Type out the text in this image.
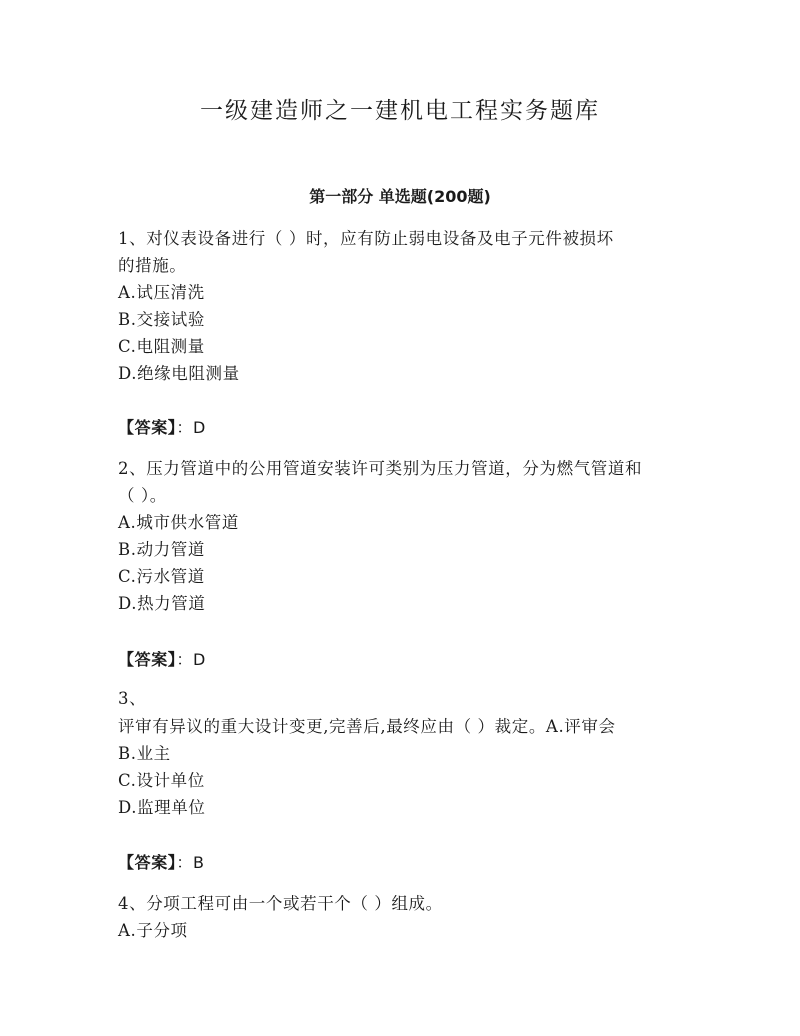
一级建造师之一建机电工程实务题库
第一部分 单选题(200题)
1、对仪表设备进行（ ）时，应有防止弱电设备及电子元件被损坏
的措施。
A.试压清洗
B.交接试验
C.电阻测量
D.绝缘电阻测量
【答案】：D
2、压力管道中的公用管道安装许可类别为压力管道，分为燃气管道和
（ ）。
A.城市供水管道
B.动力管道
C.污水管道
D.热力管道
【答案】：D
3、
评审有异议的重大设计变更,完善后,最终应由（ ）裁定。A.评审会
B.业主
C.设计单位
D.监理单位
【答案】：B
4、分项工程可由一个或若干个（ ）组成。
A.子分项
